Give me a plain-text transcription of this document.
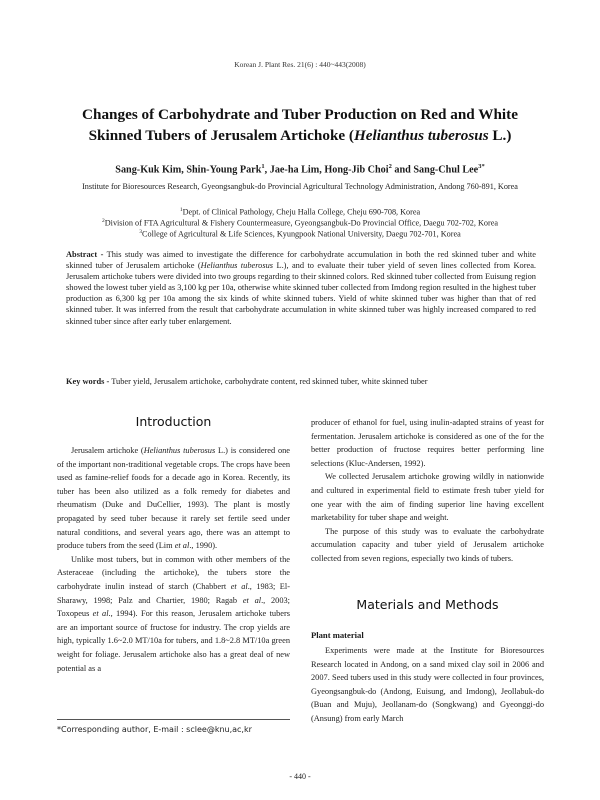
Korean J. Plant Res. 21(6) : 440~443(2008)
Changes of Carbohydrate and Tuber Production on Red and White
Skinned Tubers of Jerusalem Artichoke (Helianthus tuberosus L.)
Sang-Kuk Kim, Shin-Young Park$^1$, Jae-ha Lim, Hong-Jib Choi$^2$ and Sang-Chul Lee$^{3*}$
Institute for Bioresources Research, Gyeongsangbuk-do Provincial Agricultural Technology Administration, Andong 760-891, Korea
$^1$Dept. of Clinical Pathology, Cheju Halla College, Cheju 690-708, Korea
$^2$Division of FTA Agricultural & Fishery Countermeasure, Gyeongsangbuk-Do Provincial Office, Daegu 702-702, Korea
$^3$College of Agricultural & Life Sciences, Kyungpook National University, Daegu 702-701, Korea
Abstract - This study was aimed to investigate the difference for carbohydrate accumulation in both the red skinned tuber and white skinned tuber of Jerusalem artichoke (Helianthus tuberosus L.), and to evaluate their tuber yield of seven lines collected from Korea. Jerusalem artichoke tubers were divided into two groups regarding to their skinned colors. Red skinned tuber collected from Euisung region showed the lowest tuber yield as 3,100 kg per 10a, otherwise white skinned tuber collected from Imdong region resulted in the highest tuber production as 6,300 kg per 10a among the six kinds of white skinned tubers. Yield of white skinned tuber was higher than that of red skinned tuber. It was inferred from the result that carbohydrate accumulation in white skinned tuber was highly increased compared to red skinned tuber since after early tuber enlargement.
Key words - Tuber yield, Jerusalem artichoke, carbohydrate content, red skinned tuber, white skinned tuber
Introduction

Jerusalem artichoke (Helianthus tuberosus L.) is considered one of the important non-traditional vegetable crops. The crops have been used as famine-relief foods for a decade ago in Korea. Recently, its tuber has been also utilized as a folk remedy for diabetes and rheumatism (Duke and DuCellier, 1993). The plant is mostly propagated by seed tuber because it rarely set fertile seed under natural conditions, and several years ago, there was an attempt to produce tubers from the seed (Lim et al., 1990).

Unlike most tubers, but in common with other members of the Asteraceae (including the artichoke), the tubers store the carbohydrate inulin instead of starch (Chabbert et al., 1983; El-Sharawy, 1998; Palz and Chartier, 1980; Ragab et al., 2003; Toxopeus et al., 1994). For this reason, Jerusalem artichoke tubers are an important source of fructose for industry. The crop yields are high, typically 1.6~2.0 MT/10a for tubers, and 1.8~2.8 MT/10a green weight for foliage. Jerusalem artichoke also has a great deal of new potential as a

producer of ethanol for fuel, using inulin-adapted strains of yeast for fermentation. Jerusalem artichoke is considered as one of the for the better production of fructose requires better performing line selections (Kluc-Andersen, 1992).

We collected Jerusalem artichoke growing wildly in nationwide and cultured in experimental field to estimate fresh tuber yield for one year with the aim of finding superior line having excellent marketability for tuber shape and weight.

The purpose of this study was to evaluate the carbohydrate accumulation capacity and tuber yield of Jerusalem artichoke collected from seven regions, especially two kinds of tubers.

Materials and Methods
Plant material

Experiments were made at the Institute for Bioresources Research located in Andong, on a sand mixed clay soil in 2006 and 2007. Seed tubers used in this study were collected in four provinces, Gyeongsangbuk-do (Andong, Euisung, and Imdong), Jeollabuk-do (Buan and Muju), Jeollanam-do (Songkwang) and Gyeonggi-do (Ansung) from early March

*Corresponding author, E-mail : sclee@knu,ac,kr
- 440 -
